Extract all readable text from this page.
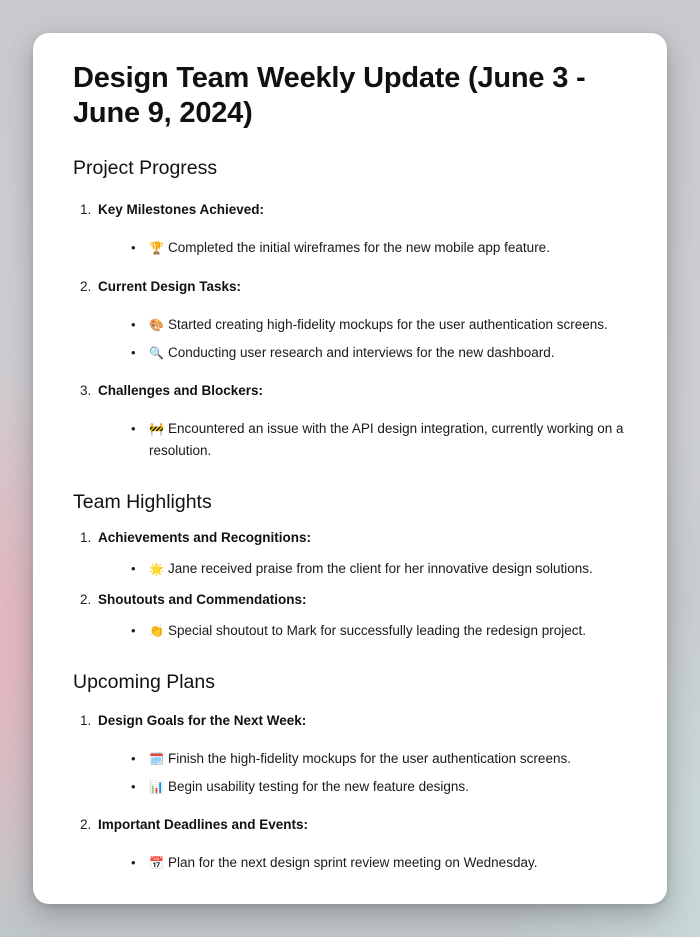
Design Team Weekly Update (June 3 - June 9, 2024)
Project Progress
1. Key Milestones Achieved:
• 🏆 Completed the initial wireframes for the new mobile app feature.
2. Current Design Tasks:
• 🎨 Started creating high-fidelity mockups for the user authentication screens.
• 🔍 Conducting user research and interviews for the new dashboard.
3. Challenges and Blockers:
• 🚧 Encountered an issue with the API design integration, currently working on a resolution.
Team Highlights
1. Achievements and Recognitions:
• 🌟 Jane received praise from the client for her innovative design solutions.
2. Shoutouts and Commendations:
• 👏 Special shoutout to Mark for successfully leading the redesign project.
Upcoming Plans
1. Design Goals for the Next Week:
• 🗓️ Finish the high-fidelity mockups for the user authentication screens.
• 📊 Begin usability testing for the new feature designs.
2. Important Deadlines and Events:
• 📅 Plan for the next design sprint review meeting on Wednesday.
